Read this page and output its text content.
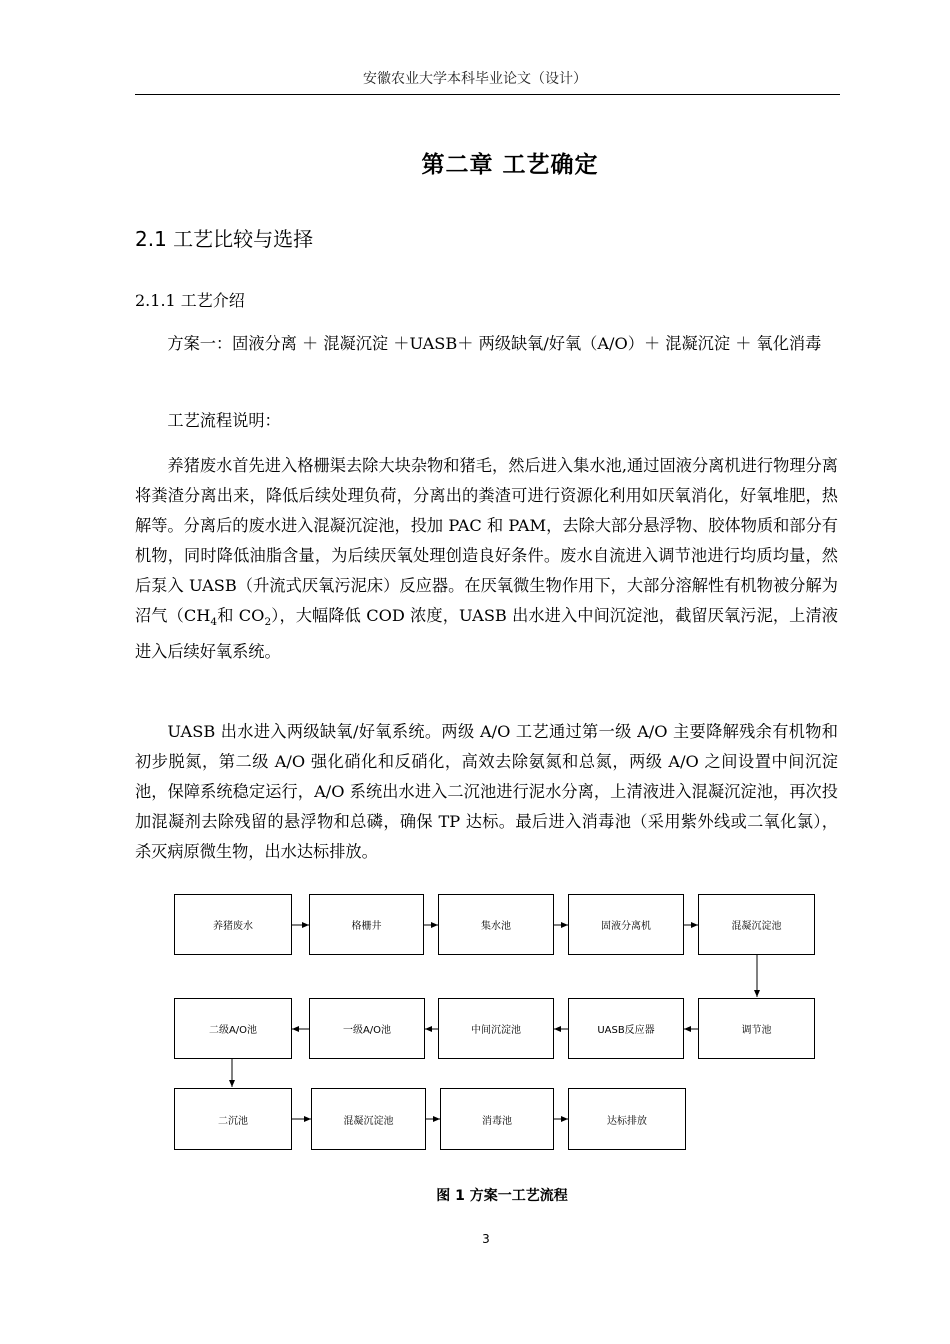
安徽农业大学本科毕业论文（设计）
第二章 工艺确定
2.1 工艺比较与选择
2.1.1 工艺介绍

方案一：固液分离 ＋ 混凝沉淀 ＋UASB＋ 两级缺氧/好氧（A/O）＋ 混凝沉淀 ＋ 氧化消毒

工艺流程说明：

养猪废水首先进入格栅渠去除大块杂物和猪毛，然后进入集水池,通过固液分离机进行物理分离将粪渣分离出来，降低后续处理负荷，分离出的粪渣可进行资源化利用如厌氧消化，好氧堆肥，热解等。分离后的废水进入混凝沉淀池，投加 PAC 和 PAM，去除大部分悬浮物、胶体物质和部分有机物，同时降低油脂含量，为后续厌氧处理创造良好条件。废水自流进入调节池进行均质均量，然后泵入 UASB（升流式厌氧污泥床）反应器。在厌氧微生物作用下，大部分溶解性有机物被分解为沼气（$CH_4$和 $CO_2$），大幅降低 COD 浓度，UASB 出水进入中间沉淀池，截留厌氧污泥，上清液进入后续好氧系统。

UASB 出水进入两级缺氧/好氧系统。两级 A/O 工艺通过第一级 A/O 主要降解残余有机物和初步脱氮，第二级 A/O 强化硝化和反硝化，高效去除氨氮和总氮，两级 A/O 之间设置中间沉淀池，保障系统稳定运行，A/O 系统出水进入二沉池进行泥水分离，上清液进入混凝沉淀池，再次投加混凝剂去除残留的悬浮物和总磷，确保 TP 达标。最后进入消毒池（采用紫外线或二氧化氯），杀灭病原微生物，出水达标排放。

养猪废水	格栅井	集水池	固液分离机	混凝沉淀池
二级A/O池	一级A/O池	中间沉淀池	UASB反应器	调节池
二沉池	混凝沉淀池	消毒池	达标排放
图 1 方案一工艺流程
3
